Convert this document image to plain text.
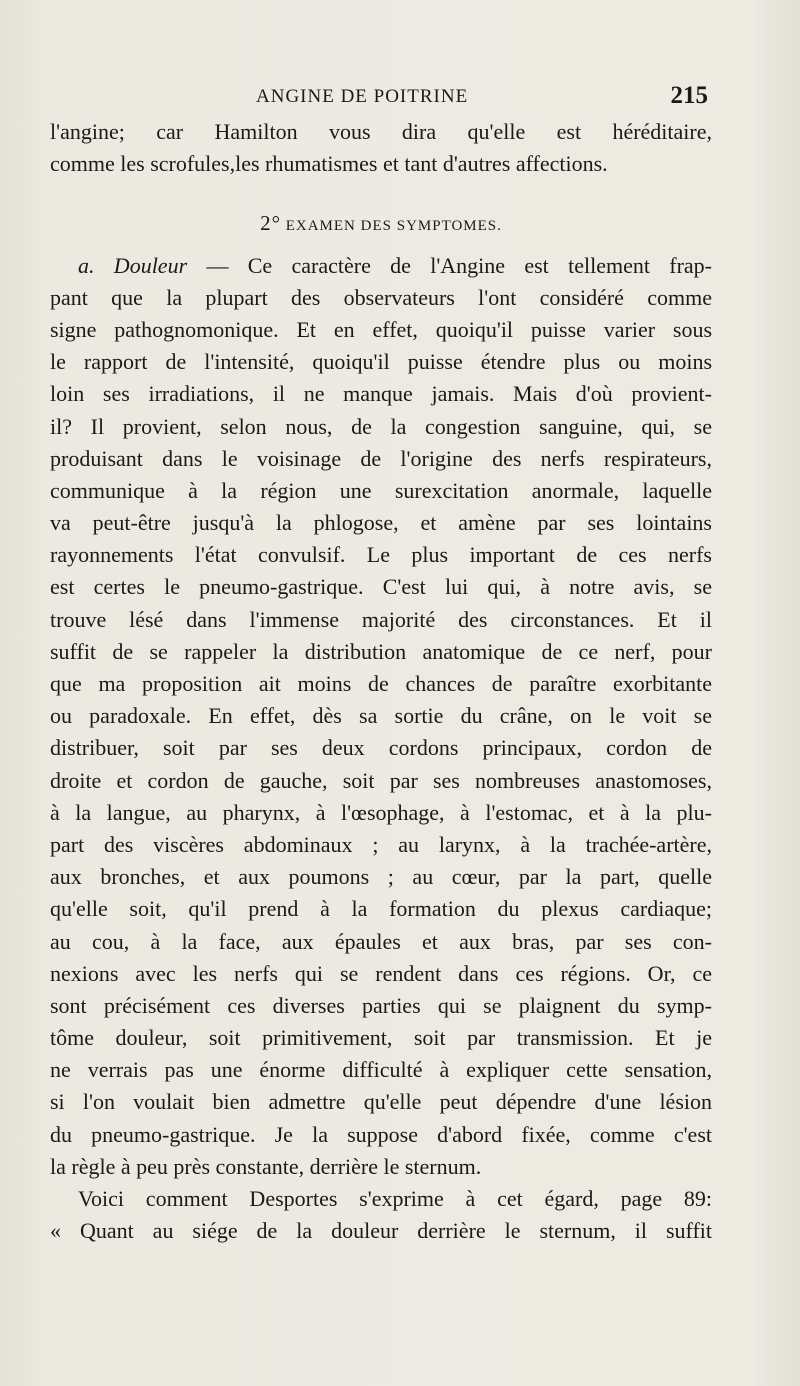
ANGINE DE POITRINE	215
l'angine; car Hamilton vous dira qu'elle est héréditaire,
comme les scrofules,les rhumatismes et tant d'autres affections.
2° EXAMEN DES SYMPTOMES.
a. Douleur — Ce caractère de l'Angine est tellement frap-
pant que la plupart des observateurs l'ont considéré comme
signe pathognomonique. Et en effet, quoiqu'il puisse varier sous
le rapport de l'intensité, quoiqu'il puisse étendre plus ou moins
loin ses irradiations, il ne manque jamais. Mais d'où provient-
il? Il provient, selon nous, de la congestion sanguine, qui, se
produisant dans le voisinage de l'origine des nerfs respirateurs,
communique à la région une surexcitation anormale, laquelle
va peut-être jusqu'à la phlogose, et amène par ses lointains
rayonnements l'état convulsif. Le plus important de ces nerfs
est certes le pneumo-gastrique. C'est lui qui, à notre avis, se
trouve lésé dans l'immense majorité des circonstances. Et il
suffit de se rappeler la distribution anatomique de ce nerf, pour
que ma proposition ait moins de chances de paraître exorbitante
ou paradoxale. En effet, dès sa sortie du crâne, on le voit se
distribuer, soit par ses deux cordons principaux, cordon de
droite et cordon de gauche, soit par ses nombreuses anastomoses,
à la langue, au pharynx, à l'œsophage, à l'estomac, et à la plu-
part des viscères abdominaux ; au larynx, à la trachée-artère,
aux bronches, et aux poumons ; au cœur, par la part, quelle
qu'elle soit, qu'il prend à la formation du plexus cardiaque;
au cou, à la face, aux épaules et aux bras, par ses con-
nexions avec les nerfs qui se rendent dans ces régions. Or, ce
sont précisément ces diverses parties qui se plaignent du symp-
tôme douleur, soit primitivement, soit par transmission. Et je
ne verrais pas une énorme difficulté à expliquer cette sensation,
si l'on voulait bien admettre qu'elle peut dépendre d'une lésion
du pneumo-gastrique. Je la suppose d'abord fixée, comme c'est
la règle à peu près constante, derrière le sternum.
Voici comment Desportes s'exprime à cet égard, page 89:
« Quant au siége de la douleur derrière le sternum, il suffit
